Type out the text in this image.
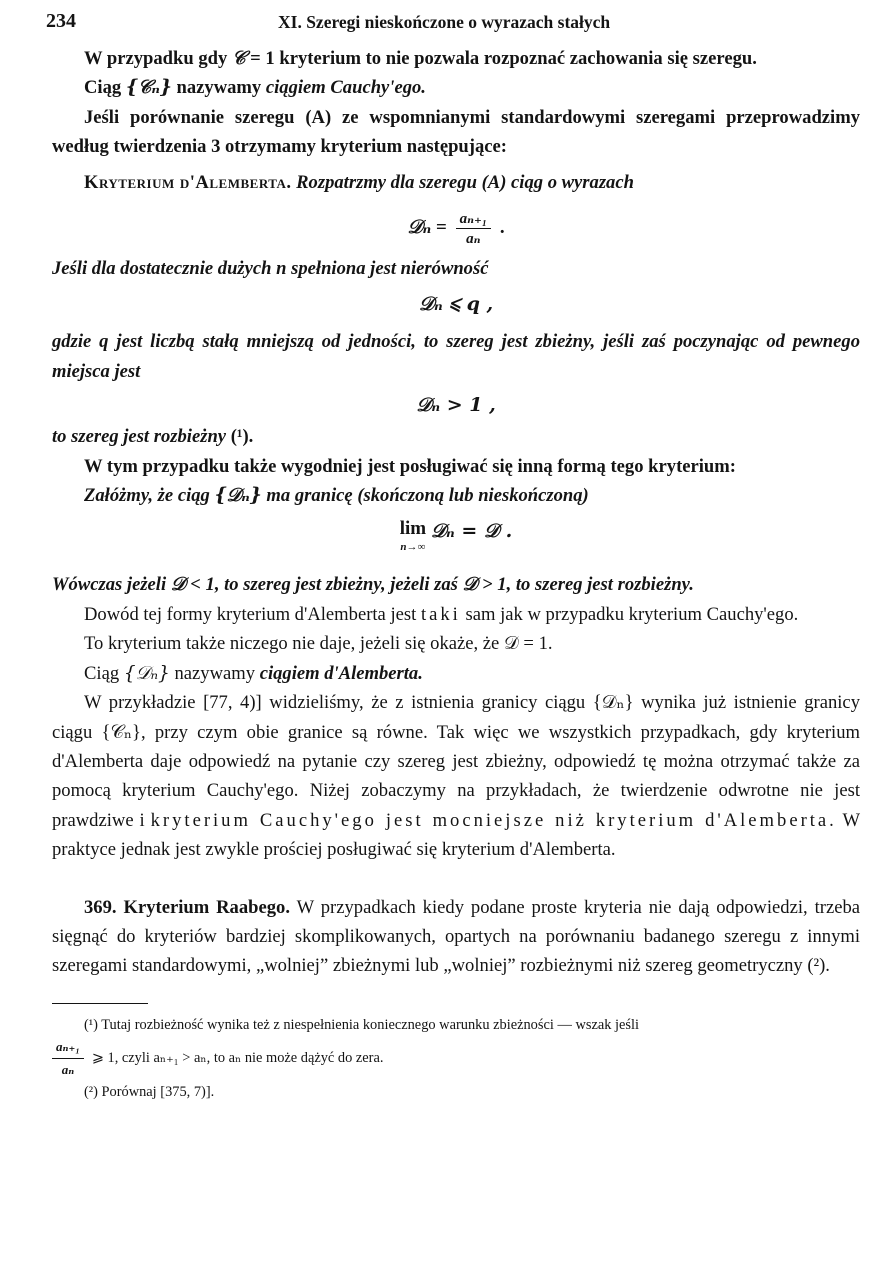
234	XI. Szeregi nieskończone o wyrazach stałych

W przypadku gdy 𝒞 = 1 kryterium to nie pozwala rozpoznać zachowania się szeregu.

Ciąg {𝒞ₙ} nazywamy ciągiem Cauchy'ego.

Jeśli porównanie szeregu (A) ze wspomnianymi standardowymi szeregami przeprowadzimy według twierdzenia 3 otrzymamy kryterium następujące:

Kryterium d'Alemberta. Rozpatrzmy dla szeregu (A) ciąg o wyrazach

𝒟ₙ = $\frac{\text{aₙ₊₁}}{\text{aₙ}}$ .

Jeśli dla dostatecznie dużych n spełniona jest nierówność

𝒟ₙ ⩽ q ,

gdzie q jest liczbą stałą mniejszą od jedności, to szereg jest zbieżny, jeśli zaś poczynając od pewnego miejsca jest

𝒟ₙ > 1 ,

to szereg jest rozbieżny (¹).

W tym przypadku także wygodniej jest posługiwać się inną formą tego kryterium:

Załóżmy, że ciąg {𝒟ₙ} ma granicę (skończoną lub nieskończoną)

lim
n→∞
𝒟ₙ = 𝒟 .

Wówczas jeżeli 𝒟 < 1, to szereg jest zbieżny, jeżeli zaś 𝒟 > 1, to szereg jest rozbieżny.

Dowód tej formy kryterium d'Alemberta jest taki sam jak w przypadku kryterium Cauchy'ego.

To kryterium także niczego nie daje, jeżeli się okaże, że 𝒟 = 1.

Ciąg {𝒟ₙ} nazywamy ciągiem d'Alemberta.

W przykładzie [77, 4)] widzieliśmy, że z istnienia granicy ciągu {𝒟ₙ} wynika już istnienie granicy ciągu {𝒞ₙ}, przy czym obie granice są równe. Tak więc we wszystkich przypadkach, gdy kryterium d'Alemberta daje odpowiedź na pytanie czy szereg jest zbieżny, odpowiedź tę można otrzymać także za pomocą kryterium Cauchy'ego. Niżej zobaczymy na przykładach, że twierdzenie odwrotne nie jest prawdziwe i kryterium Cauchy'ego jest mocniejsze niż kryterium d'Alemberta. W praktyce jednak jest zwykle prościej posługiwać się kryterium d'Alemberta.

369. Kryterium Raabego. W przypadkach kiedy podane proste kryteria nie dają odpowiedzi, trzeba sięgnąć do kryteriów bardziej skomplikowanych, opartych na porównaniu badanego szeregu z innymi szeregami standardowymi, „wolniej” zbieżnymi lub „wolniej” rozbieżnymi niż szereg geometryczny (²).

(¹) Tutaj rozbieżność wynika też z niespełnienia koniecznego warunku zbieżności — wszak jeśli

$\frac{\text{aₙ₊₁}}{\text{aₙ}}$ ⩾ 1, czyli aₙ₊₁ > aₙ, to aₙ nie może dążyć do zera.

(²) Porównaj [375, 7)].
